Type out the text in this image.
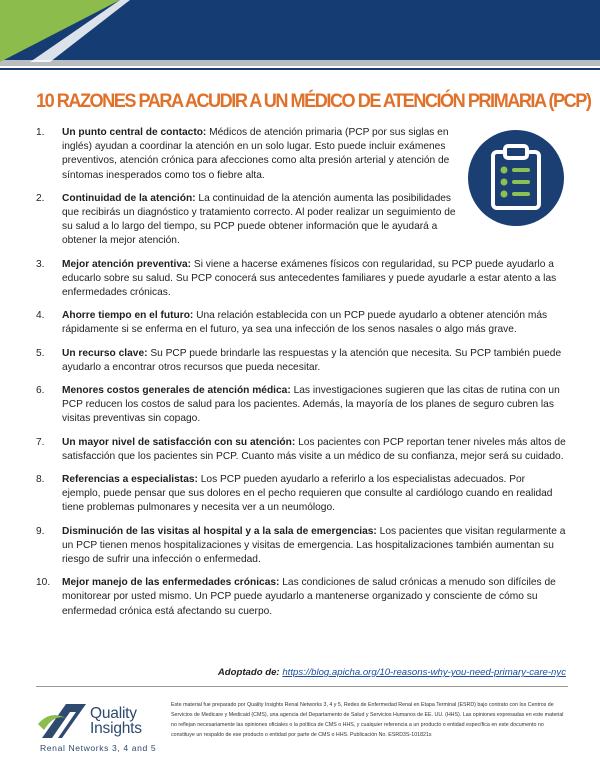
10 RAZONES PARA ACUDIR A UN MÉDICO DE ATENCIÓN PRIMARIA (PCP)
1. Un punto central de contacto: Médicos de atención primaria (PCP por sus siglas en inglés) ayudan a coordinar la atención en un solo lugar. Esto puede incluir exámenes preventivos, atención crónica para afecciones como alta presión arterial y atención de síntomas inesperados como tos o fiebre alta.
2. Continuidad de la atención: La continuidad de la atención aumenta las posibilidades que recibirás un diagnóstico y tratamiento correcto. Al poder realizar un seguimiento de su salud a lo largo del tiempo, su PCP puede obtener información que le ayudará a obtener la mejor atención.
3. Mejor atención preventiva: Si viene a hacerse exámenes físicos con regularidad, su PCP puede ayudarlo a educarlo sobre su salud. Su PCP conocerá sus antecedentes familiares y puede ayudarle a estar atento a las enfermedades crónicas.
4. Ahorre tiempo en el futuro: Una relación establecida con un PCP puede ayudarlo a obtener atención más rápidamente si se enferma en el futuro, ya sea una infección de los senos nasales o algo más grave.
5. Un recurso clave: Su PCP puede brindarle las respuestas y la atención que necesita. Su PCP también puede ayudarlo a encontrar otros recursos que pueda necesitar.
6. Menores costos generales de atención médica: Las investigaciones sugieren que las citas de rutina con un PCP reducen los costos de salud para los pacientes. Además, la mayoría de los planes de seguro cubren las visitas preventivas sin copago.
7. Un mayor nivel de satisfacción con su atención: Los pacientes con PCP reportan tener niveles más altos de satisfacción que los pacientes sin PCP. Cuanto más visite a un médico de su confianza, mejor será su cuidado.
8. Referencias a especialistas: Los PCP pueden ayudarlo a referirlo a los especialistas adecuados. Por ejemplo, puede pensar que sus dolores en el pecho requieren que consulte al cardiólogo cuando en realidad tiene problemas pulmonares y necesita ver a un neumólogo.
9. Disminución de las visitas al hospital y a la sala de emergencias: Los pacientes que visitan regularmente a un PCP tienen menos hospitalizaciones y visitas de emergencia. Las hospitalizaciones también aumentan su riesgo de sufrir una infección o enfermedad.
10. Mejor manejo de las enfermedades crónicas: Las condiciones de salud crónicas a menudo son difíciles de monitorear por usted mismo. Un PCP puede ayudarlo a mantenerse organizado y consciente de cómo su enfermedad crónica está afectando su cuerpo.
Adoptado de: https://blog.apicha.org/10-reasons-why-you-need-primary-care-nyc
Quality
Insights
Renal Networks 3, 4 and 5

Este material fue preparado por Quality Insights Renal Networks 3, 4 y 5, Redes de Enfermedad Renal en Etapa Terminal (ESRD) bajo contrato con los Centros de Servicios de Medicare y Medicaid (CMS), una agencia del Departamento de Salud y Servicios Humanos de EE. UU. (HHS). Las opiniones expresadas en este material no reflejan necesariamente las opiniones oficiales o la política de CMS o HHS, y cualquier referencia a un producto o entidad específica en este documento no constituye un respaldo de ese producto o entidad por parte de CMS o HHS. Publicación No. ESRD3S-101821s
